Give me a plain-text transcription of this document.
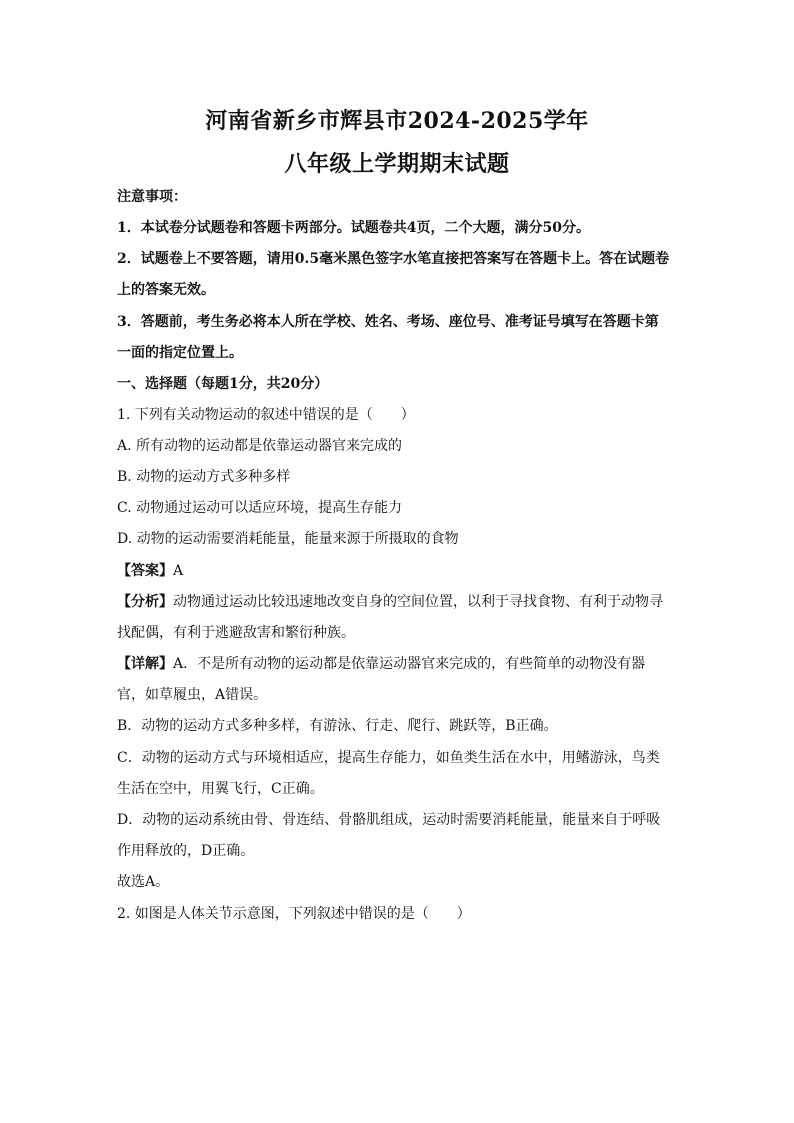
河南省新乡市辉县市2024-2025学年
八年级上学期期末试题
注意事项：
1．本试卷分试题卷和答题卡两部分。试题卷共4页，二个大题，满分50分。
2．试题卷上不要答题，请用0.5毫米黑色签字水笔直接把答案写在答题卡上。答在试题卷
上的答案无效。
3．答题前，考生务必将本人所在学校、姓名、考场、座位号、准考证号填写在答题卡第
一面的指定位置上。
一、选择题（每题1分，共20分）
1. 下列有关动物运动的叙述中错误的是（　　）
A. 所有动物的运动都是依靠运动器官来完成的
B. 动物的运动方式多种多样
C. 动物通过运动可以适应环境，提高生存能力
D. 动物的运动需要消耗能量，能量来源于所摄取的食物
【答案】A
【分析】动物通过运动比较迅速地改变自身的空间位置，以利于寻找食物、有利于动物寻
找配偶，有利于逃避敌害和繁衍种族。
【详解】A．不是所有动物的运动都是依靠运动器官来完成的，有些简单的动物没有器
官，如草履虫，A错误。
B．动物的运动方式多种多样，有游泳、行走、爬行、跳跃等，B正确。
C．动物的运动方式与环境相适应，提高生存能力，如鱼类生活在水中，用鳍游泳，鸟类
生活在空中，用翼飞行，C正确。
D．动物的运动系统由骨、骨连结、骨骼肌组成，运动时需要消耗能量，能量来自于呼吸
作用释放的，D正确。
故选A。
2. 如图是人体关节示意图，下列叙述中错误的是（　　）
